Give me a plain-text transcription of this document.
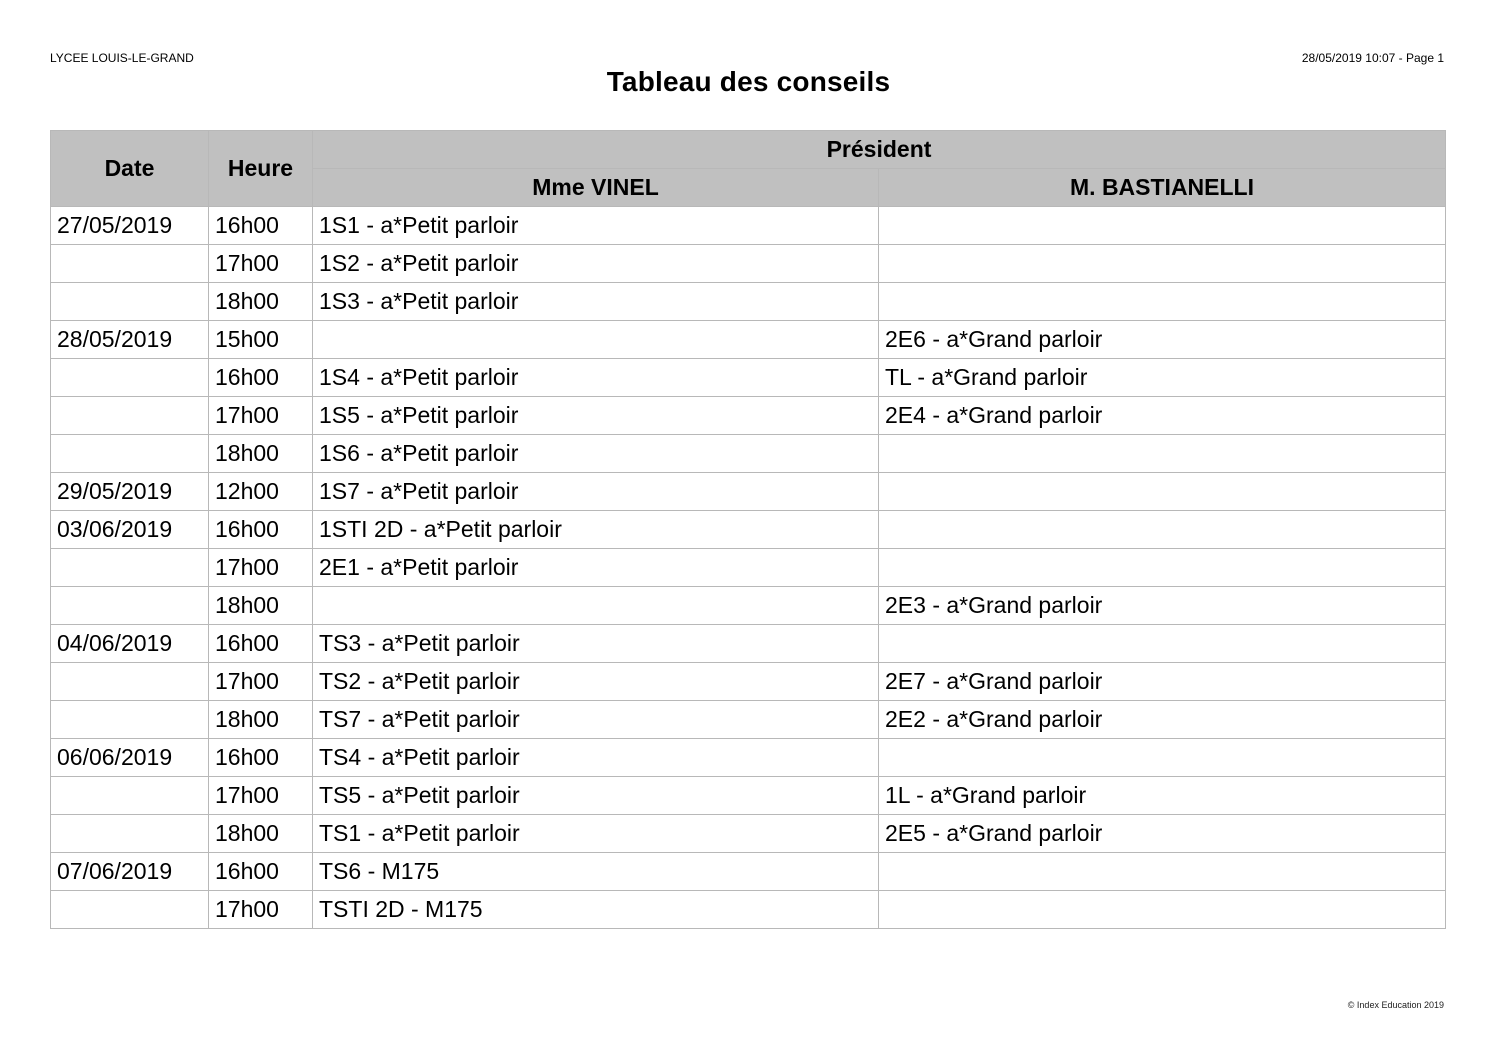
LYCEE LOUIS-LE-GRAND	28/05/2019 10:07 - Page 1
Tableau des conseils
Date	Heure	Président	
		Mme VINEL	M. BASTIANELLI
27/05/2019	16h00	1S1 - a*Petit parloir	
	17h00	1S2 - a*Petit parloir	
	18h00	1S3 - a*Petit parloir	
28/05/2019	15h00		2E6 - a*Grand parloir
	16h00	1S4 - a*Petit parloir	TL - a*Grand parloir
	17h00	1S5 - a*Petit parloir	2E4 - a*Grand parloir
	18h00	1S6 - a*Petit parloir	
29/05/2019	12h00	1S7 - a*Petit parloir	
03/06/2019	16h00	1STI 2D - a*Petit parloir	
	17h00	2E1 - a*Petit parloir	
	18h00		2E3 - a*Grand parloir
04/06/2019	16h00	TS3 - a*Petit parloir	
	17h00	TS2 - a*Petit parloir	2E7 - a*Grand parloir
	18h00	TS7 - a*Petit parloir	2E2 - a*Grand parloir
06/06/2019	16h00	TS4 - a*Petit parloir	
	17h00	TS5 - a*Petit parloir	1L - a*Grand parloir
	18h00	TS1 - a*Petit parloir	2E5 - a*Grand parloir
07/06/2019	16h00	TS6 - M175	
	17h00	TSTI 2D - M175	
© Index Education 2019
